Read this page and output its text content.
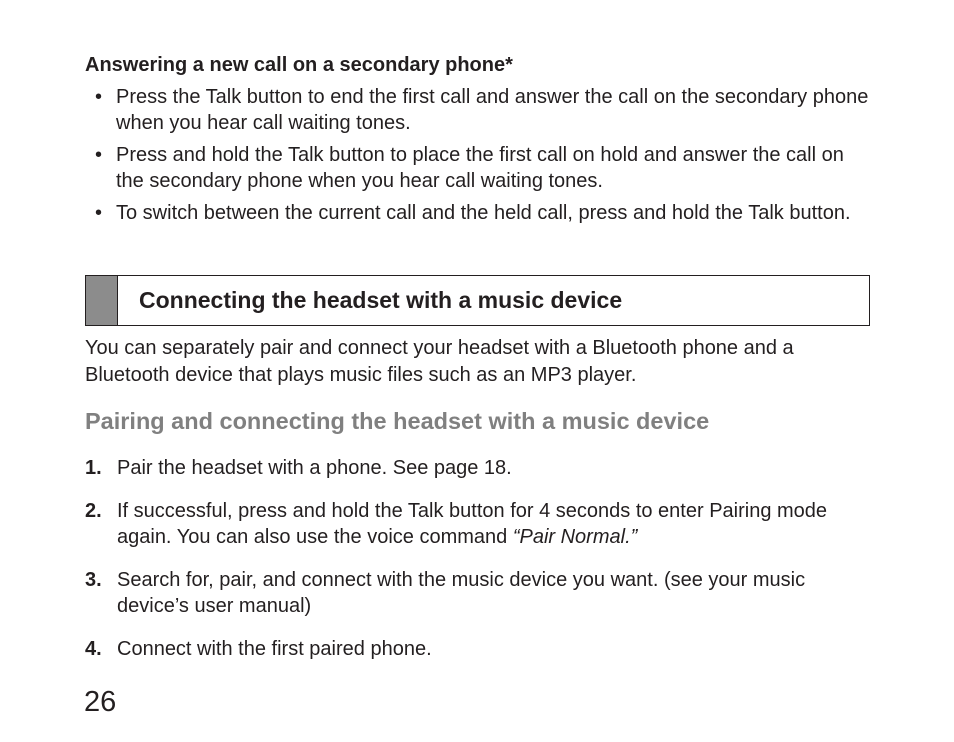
Answering a new call on a secondary phone*
• Press the Talk button to end the first call and answer the call on the secondary phone when you hear call waiting tones.
• Press and hold the Talk button to place the first call on hold and answer the call on the secondary phone when you hear call waiting tones.
• To switch between the current call and the held call, press and hold the Talk button.
Connecting the headset with a music device

You can separately pair and connect your headset with a Bluetooth phone and a Bluetooth device that plays music files such as an MP3 player.

Pairing and connecting the headset with a music device
1. Pair the headset with a phone. See page 18.
2. If successful, press and hold the Talk button for 4 seconds to enter Pairing mode again. You can also use the voice command “Pair Normal.”
3. Search for, pair, and connect with the music device you want. (see your music device’s user manual)
4. Connect with the first paired phone.

26
